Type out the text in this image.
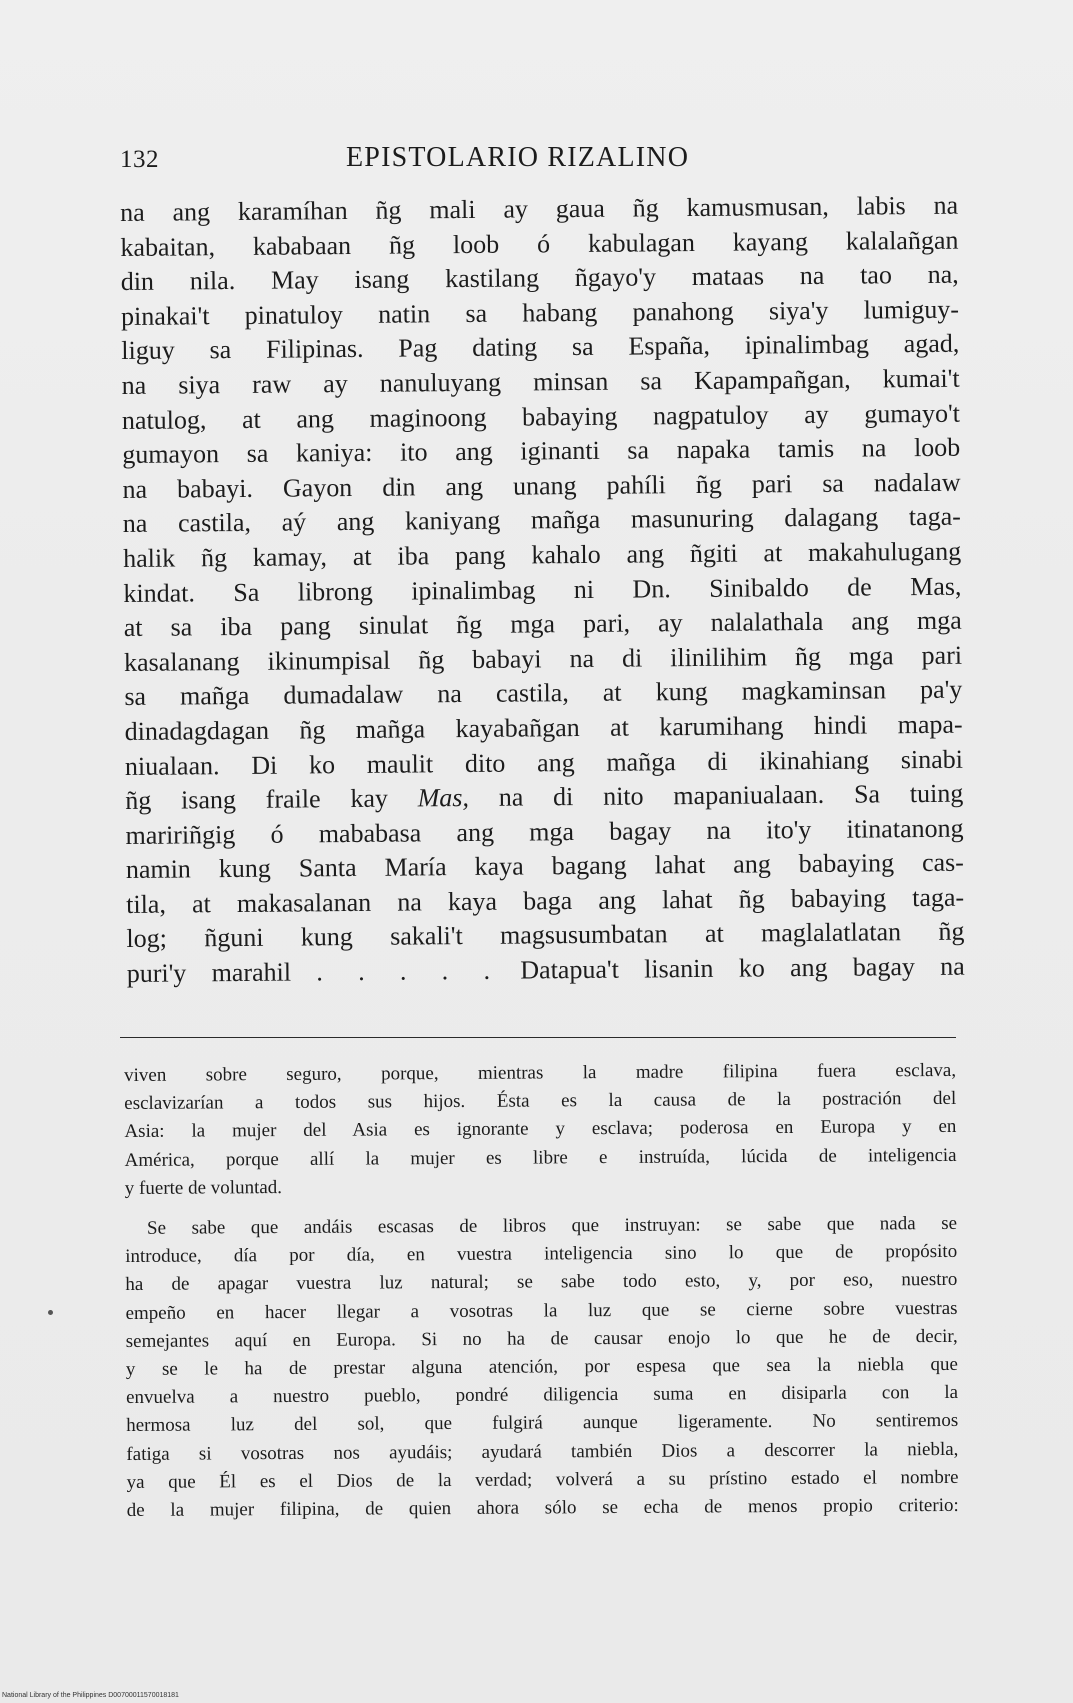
132	EPISTOLARIO RIZALINO
na ang karamíhan ñg mali ay gaua ñg kamusmusan, labis na
kabaitan, kababaan ñg loob ó kabulagan kayang kalalañgan
din nila. May isang kastilang ñgayo'y mataas na tao na,
pinakai't pinatuloy natin sa habang panahong siya'y lumiguy-
liguy sa Filipinas. Pag dating sa España, ipinalimbag agad,
na siya raw ay nanuluyang minsan sa Kapampañgan, kumai't
natulog, at ang maginoong babaying nagpatuloy ay gumayo't
gumayon sa kaniya: ito ang iginanti sa napaka tamis na loob
na babayi. Gayon din ang unang pahíli ñg pari sa nadalaw
na castila, aý ang kaniyang mañga masunuring dalagang taga-
halik ñg kamay, at iba pang kahalo ang ñgiti at makahulugang
kindat. Sa librong ipinalimbag ni Dn. Sinibaldo de Mas,
at sa iba pang sinulat ñg mga pari, ay nalalathala ang mga
kasalanang ikinumpisal ñg babayi na di ilinilihim ñg mga pari
sa mañga dumadalaw na castila, at kung magkaminsan pa'y
dinadagdagan ñg mañga kayabañgan at karumihang hindi mapa-
niualaan. Di ko maulit dito ang mañga di ikinahiang sinabi
ñg isang fraile kay Mas, na di nito mapaniualaan. Sa tuing
maririñgig ó mababasa ang mga bagay na ito'y itinatanong
namin kung Santa María kaya bagang lahat ang babaying cas-
tila, at makasalanan na kaya baga ang lahat ñg babaying taga-
log; ñguni kung sakali't magsusumbatan at maglalatlatan ñg
puri'y marahil . . . . . Datapua't lisanin ko ang bagay na

viven sobre seguro, porque, mientras la madre filipina fuera esclava,
esclavizarían a todos sus hijos. Ésta es la causa de la postración del
Asia: la mujer del Asia es ignorante y esclava; poderosa en Europa y en
América, porque allí la mujer es libre e instruída, lúcida de inteligencia
y fuerte de voluntad.

Se sabe que andáis escasas de libros que instruyan: se sabe que nada se
introduce, día por día, en vuestra inteligencia sino lo que de propósito
ha de apagar vuestra luz natural; se sabe todo esto, y, por eso, nuestro
empeño en hacer llegar a vosotras la luz que se cierne sobre vuestras
semejantes aquí en Europa. Si no ha de causar enojo lo que he de decir,
y se le ha de prestar alguna atención, por espesa que sea la niebla que
envuelva a nuestro pueblo, pondré diligencia suma en disiparla con la
hermosa luz del sol, que fulgirá aunque ligeramente. No sentiremos
fatiga si vosotras nos ayudáis; ayudará también Dios a descorrer la niebla,
ya que Él es el Dios de la verdad; volverá a su prístino estado el nombre
de la mujer filipina, de quien ahora sólo se echa de menos propio criterio:

National Library of the Philippines D00700011570018181
